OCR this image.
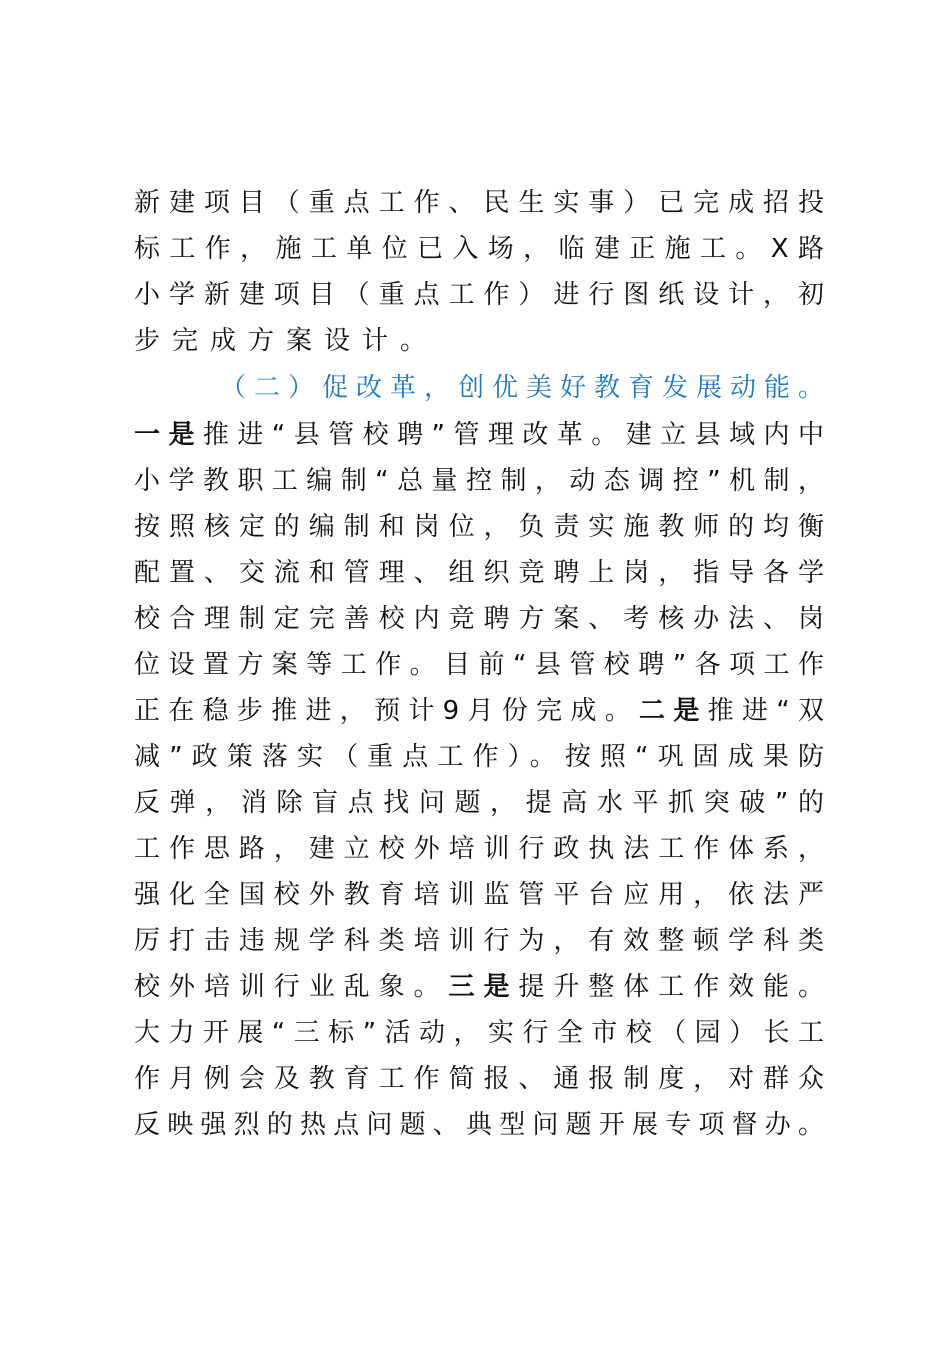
新建项目（重点工作、民生实事）已完成招投
标工作，施工单位已入场，临建正施工。X路
小学新建项目（重点工作）进行图纸设计，初
步完成方案设计。
（二）促改革，创优美好教育发展动能。
一是推进“县管校聘”管理改革。建立县域内中
小学教职工编制“总量控制，动态调控”机制，
按照核定的编制和岗位，负责实施教师的均衡
配置、交流和管理、组织竞聘上岗，指导各学
校合理制定完善校内竞聘方案、考核办法、岗
位设置方案等工作。目前“县管校聘”各项工作
正在稳步推进，预计9月份完成。二是推进“双
减”政策落实（重点工作）。按照“巩固成果防
反弹，消除盲点找问题，提高水平抓突破”的
工作思路，建立校外培训行政执法工作体系，
强化全国校外教育培训监管平台应用，依法严
厉打击违规学科类培训行为，有效整顿学科类
校外培训行业乱象。三是提升整体工作效能。
大力开展“三标”活动，实行全市校（园）长工
作月例会及教育工作简报、通报制度，对群众
反映强烈的热点问题、典型问题开展专项督办。
